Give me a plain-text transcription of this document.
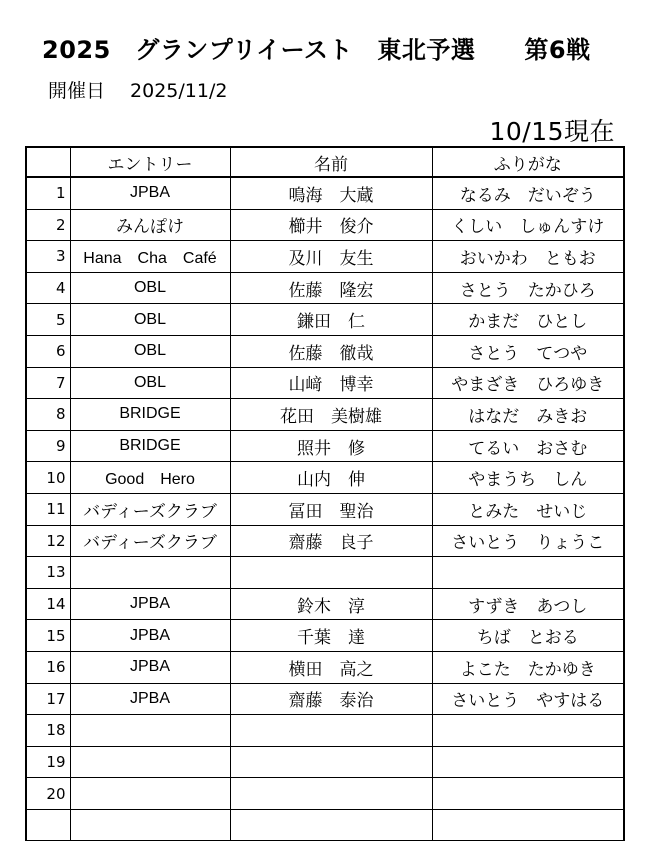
2025　グランプリイースト　東北予選　　第6戦
開催日　 2025/11/2
10/15現在
	エントリー	名前	ふりがな
1	JPBA	鳴海　大蔵	なるみ　だいぞう
2	みんぽけ	櫛井　俊介	くしい　しゅんすけ
3	Hana　Cha　Café	及川　友生	おいかわ　ともお
4	OBL	佐藤　隆宏	さとう　たかひろ
5	OBL	鎌田　仁	かまだ　ひとし
6	OBL	佐藤　徹哉	さとう　てつや
7	OBL	山﨑　博幸	やまざき　ひろゆき
8	BRIDGE	花田　美樹雄	はなだ　みきお
9	BRIDGE	照井　修	てるい　おさむ
10	Good　Hero	山内　伸	やまうち　しん
11	バディーズクラブ	冨田　聖治	とみた　せいじ
12	バディーズクラブ	齋藤　良子	さいとう　りょうこ
13			
14	JPBA	鈴木　淳	すずき　あつし
15	JPBA	千葉　達	ちば　とおる
16	JPBA	横田　高之	よこた　たかゆき
17	JPBA	齋藤　泰治	さいとう　やすはる
18			
19			
20			
